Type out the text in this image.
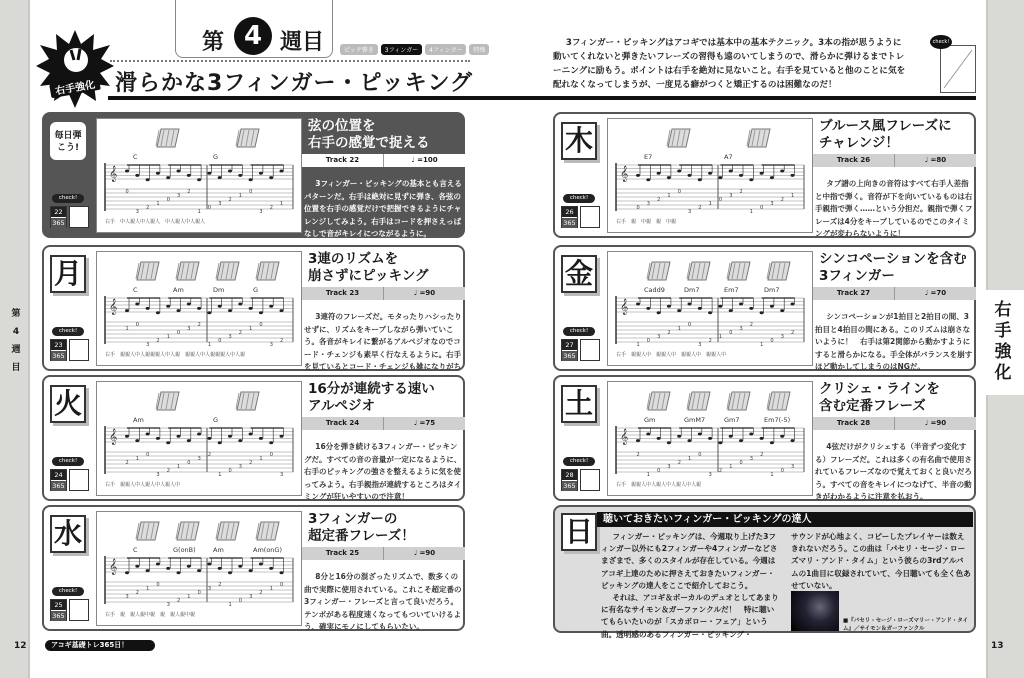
第
4
週
目
右
手
強
化
12	13
アコギ基礎トレ365日！
第 4 週目	ピック弾き	3フィンガー	4フィンガー	特殊
右手強化 滑らかな3フィンガー・ピッキング
3フィンガー・ピッキングはアコギでは基本中の基本テクニック。3本の指が思うように動いてくれないと弾きたいフレーズの習得も遠のいてしまうので、滑らかに弾けるまでトレーニングに励もう。ポイントは右手を絶対に見ないこと。右手を見ていると他のことに気を配れなくなってしまうが、一度見る癖がつくと矯正するのは困難なのだ！
check!
毎日弾こう!
check!
22
365
C	G
𝄞
0
3
2
1
0
3
2
1
0
3
2
1
0
3
2
1
右手　中人親人中人親人　中人親人中人親人
弦の位置を
右手の感覚で捉える
Track 22	♩ =100
3フィンガー・ピッキングの基本とも言えるパターンだ。右手は絶対に見ずに弾き、各弦の位置を右手の感覚だけで把握できるようにチャレンジしてみよう。右手はコードを押さえっぱなしで音がキレイにつながるように。
月
check!
23
365
C	Am	Dm	G
𝄞
1
0
3
2
1
0
3
2
1
0
3
2
1
0
3
2
右手　親親人中人親親親人中人親　親親人中人親親親人中人親
3連のリズムを
崩さずにピッキング
Track 23	♩ =90
3連符のフレーズだ。モタったりハシったりせずに、リズムをキープしながら弾いていこう。各音がキレイに繋がるアルペジオなのでコード・チェンジも素早く行なえるように。右手を見ているとコード・チェンジも雑になりがち
火
check!
24
365
Am	G
𝄞
2
1
0
3
2
1
0
3
2
1
0
3
2
1
0
3
右手　親親人中人親人中人親人中
16分が連続する速い
アルペジオ
Track 24	♩ =75
16分を弾き続ける3フィンガー・ピッキングだ。すべての音の音量が一定になるように、右手のピッキングの強さを整えるように気を使ってみよう。右手親指が連続するところはタイミングが狂いやすいので注意！
水
check!
25
365
C	G(onB)	Am	Am(onG)
𝄞
3
2
1
0
3
2
1
0
3
2
1
0
3
2
1
0
右手　親　親人親中親　親　親人親中親
3フィンガーの
超定番フレーズ！
Track 25	♩ =90
8分と16分の混ざったリズムで、数多くの曲で実際に使用されている。これこそ超定番の3フィンガー・フレーズと言って良いだろう。テンポがある程度速くなってもついていけるよう、確実にモノにしてもらいたい。
木
check!
26
365
E7	A7
𝄞
0
3
2
1
0
3
2
1
0
3
2
1
0
3
2
1
右手　親　中親　親　中親
ブルース風フレーズに
チャレンジ！
Track 26	♩ =80
タブ譜の上向きの音符はすべて右手人差指と中指で弾く。音符が下を向いているものは右手親指で弾く……という分担だ。親指で弾くフレーズは4分をキープしているのでこのタイミングが変わらないように！
金
check!
27
365
Cadd9	Dm7	Em7	Dm7
𝄞
1
0
3
2
1
0
3
2
1
0
3
2
1
0
3
2
右手　親親人中　親親人中　親親人中　親親人中
シンコペーションを含む
3フィンガー
Track 27	♩ =70
シンコペーションが1拍目と2拍目の間、3拍目と4拍目の間にある。このリズムは崩さないように！　右手は第2関節から動かすようにすると滑らかになる。手全体がバランスを崩すほど動かしてしまうのはNGだ。
土
check!
28
365
Gm	GmM7	Gm7	Em7(-5)
𝄞
2
1
0
3
2
1
0
3
2
1
0
3
2
1
0
3
右手　親親人中人親人中人親人中人親
クリシェ・ラインを
含む定番フレーズ
Track 28	♩ =90
4弦だけがクリシェする（半音ずつ変化する）フレーズだ。これは多くの有名曲で使用されているフレーズなので覚えておくと良いだろう。すべての音をキレイにつなげて、半音の動きがわかるように注意を払おう。
日	聴いておきたいフィンガー・ピッキングの達人

フィンガー・ピッキングは、今週取り上げた3フィンガー以外にも2フィンガーや4フィンガーなどさまざまで、多くのスタイルが存在している。今週はアコギ上達のために押さえておきたいフィンガー・ピッキングの達人をここで紹介しておこう。

それは、アコギ＆ボーカルのデュオとしてあまりに有名なサイモン＆ガーファンクルだ！　特に聴いてもらいたいのが「スカボロー・フェア」という曲。透明感のあるフィンガー・ピッキング・

サウンドが心地よく、コピーしたプレイヤーは数えきれないだろう。この曲は「パセリ・セージ・ローズマリ・アンド・タイム」という彼らの3rdアルバムの1曲目に収録されていて、今日聴いても全く色あせていない。
■『パセリ・セージ・ローズマリー・アンド・タイム』／サイモン＆ガーファンクル
